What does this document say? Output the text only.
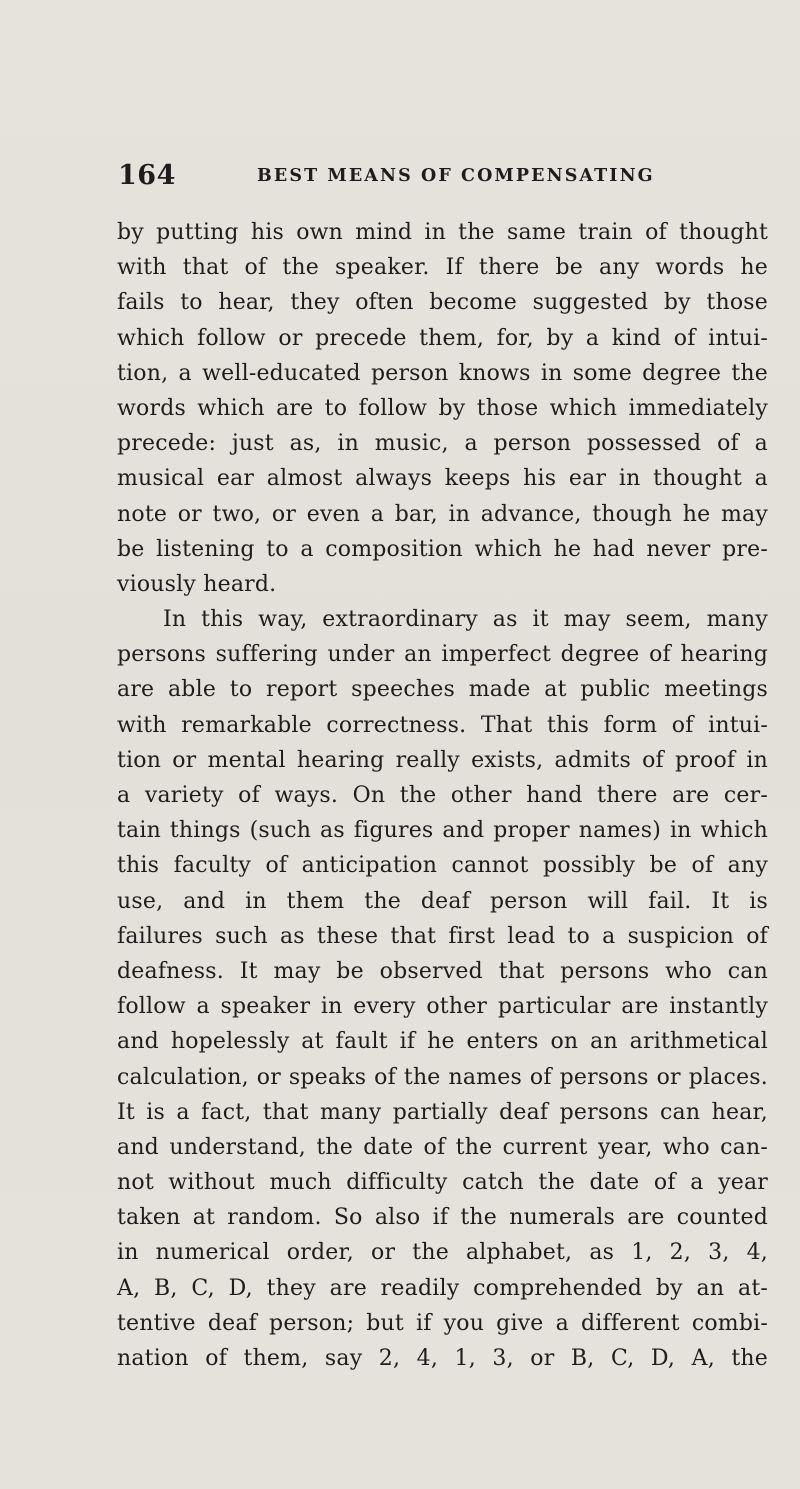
164	BEST MEANS OF COMPENSATING
by putting his own mind in the same train of thought
with that of the speaker. If there be any words he
fails to hear, they often become suggested by those
which follow or precede them, for, by a kind of intui-
tion, a well-educated person knows in some degree the
words which are to follow by those which immediately
precede: just as, in music, a person possessed of a
musical ear almost always keeps his ear in thought a
note or two, or even a bar, in advance, though he may
be listening to a composition which he had never pre-
viously heard.
In this way, extraordinary as it may seem, many
persons suffering under an imperfect degree of hearing
are able to report speeches made at public meetings
with remarkable correctness. That this form of intui-
tion or mental hearing really exists, admits of proof in
a variety of ways. On the other hand there are cer-
tain things (such as figures and proper names) in which
this faculty of anticipation cannot possibly be of any
use, and in them the deaf person will fail. It is
failures such as these that first lead to a suspicion of
deafness. It may be observed that persons who can
follow a speaker in every other particular are instantly
and hopelessly at fault if he enters on an arithmetical
calculation, or speaks of the names of persons or places.
It is a fact, that many partially deaf persons can hear,
and understand, the date of the current year, who can-
not without much difficulty catch the date of a year
taken at random. So also if the numerals are counted
in numerical order, or the alphabet, as 1, 2, 3, 4,
A, B, C, D, they are readily comprehended by an at-
tentive deaf person; but if you give a different combi-
nation of them, say 2, 4, 1, 3, or B, C, D, A, the
